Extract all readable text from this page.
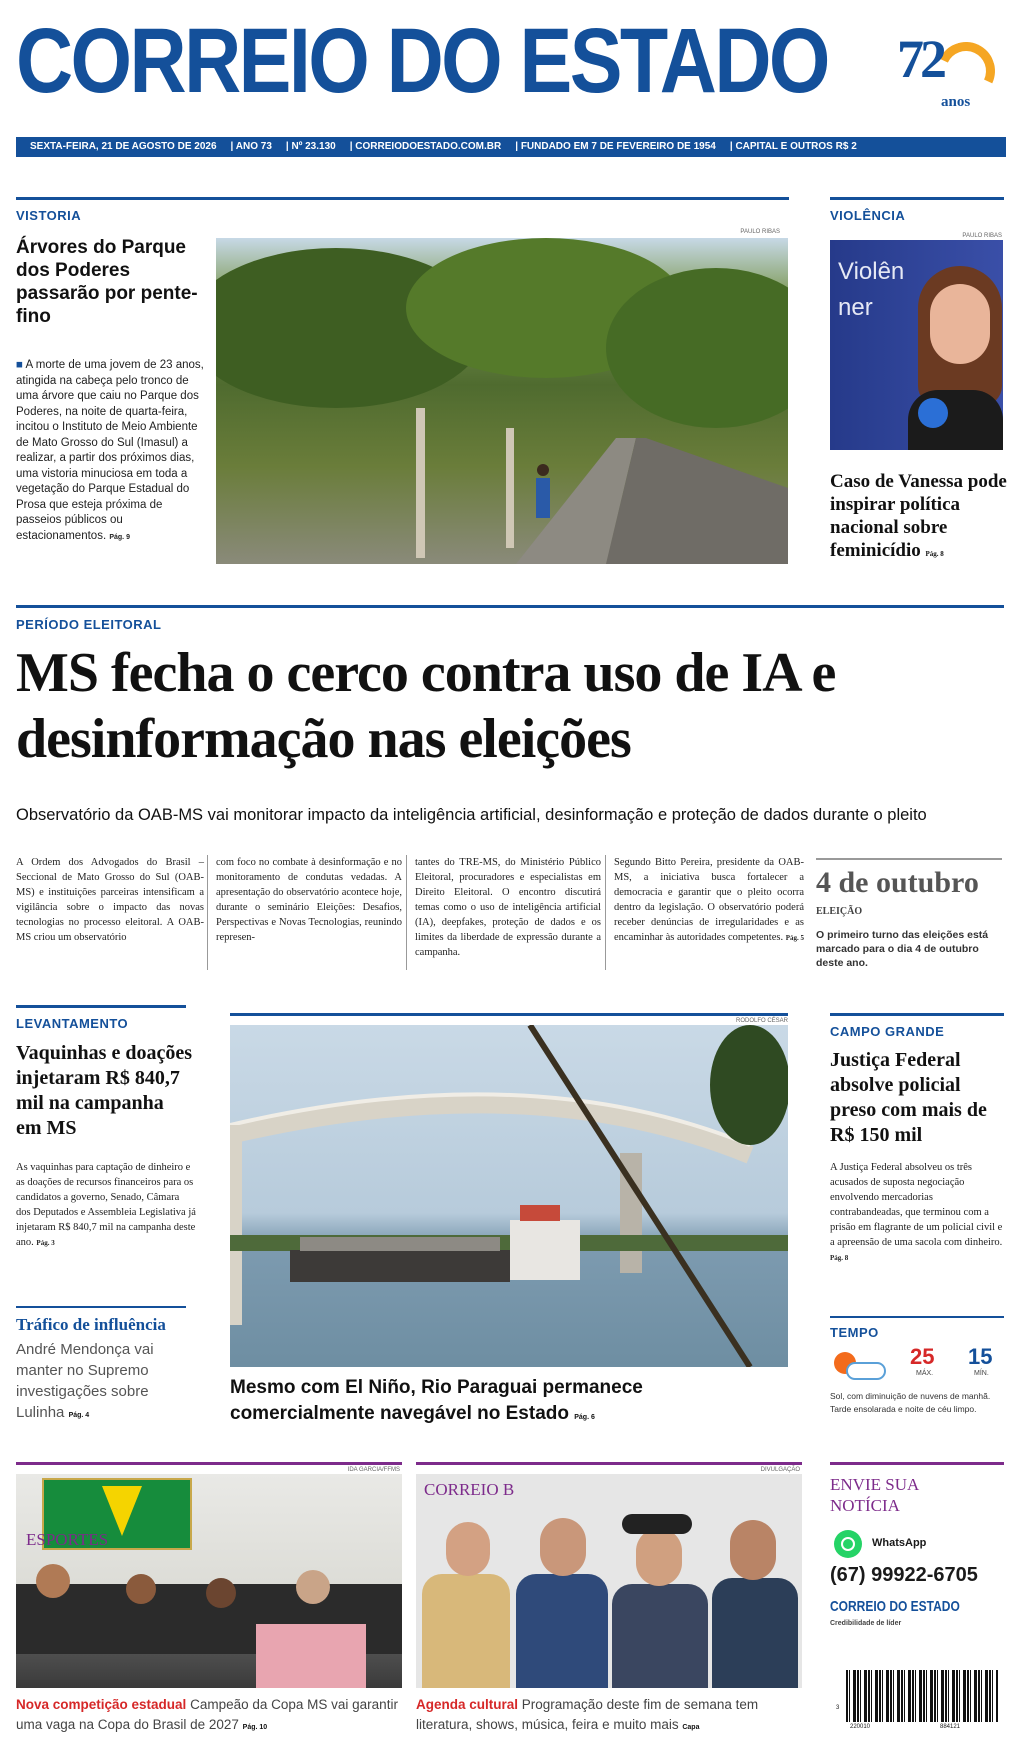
CORREIO DO ESTADO 72
anos
SEXTA-FEIRA, 21 DE AGOSTO DE 2026 | ANO 73 | Nº 23.130 | CORREIODOESTADO.COM.BR | FUNDADO EM 7 DE FEVEREIRO DE 1954 | CAPITAL E OUTROS R$ 2
VISTORIA
Árvores do Parque dos Poderes passarão por pente-fino

■ A morte de uma jovem de 23 anos, atingida na cabeça pelo tronco de uma árvore que caiu no Parque dos Poderes, na noite de quarta-feira, incitou o Instituto de Meio Ambiente de Mato Grosso do Sul (Imasul) a realizar, a partir dos próximos dias, uma vistoria minuciosa em toda a vegetação do Parque Estadual do Prosa que esteja próxima de passeios públicos ou estacionamentos. Pág. 9

PAULO RIBAS
VIOLÊNCIA
PAULO RIBAS
Violên ner
Caso de Vanessa pode inspirar política nacional sobre feminicídio Pág. 8
PERÍODO ELEITORAL
MS fecha o cerco contra uso de IA e desinformação nas eleições

Observatório da OAB-MS vai monitorar impacto da inteligência artificial, desinformação e proteção de dados durante o pleito

A Ordem dos Advogados do Brasil – Seccional de Mato Grosso do Sul (OAB-MS) e instituições parceiras intensificam a vigilância sobre o impacto das novas tecnologias no processo eleitoral. A OAB-MS criou um observatório

com foco no combate à desinformação e no monitoramento de condutas vedadas. A apresentação do observatório acontece hoje, durante o seminário Eleições: Desafios, Perspectivas e Novas Tecnologias, reunindo represen-

tantes do TRE-MS, do Ministério Público Eleitoral, procuradores e especialistas em Direito Eleitoral. O encontro discutirá temas como o uso de inteligência artificial (IA), deepfakes, proteção de dados e os limites da liberdade de expressão durante a campanha.

Segundo Bitto Pereira, presidente da OAB-MS, a iniciativa busca fortalecer a democracia e garantir que o pleito ocorra dentro da legislação. O observatório poderá receber denúncias de irregularidades e as encaminhar às autoridades competentes. Pág. 5

4 de outubro
ELEIÇÃO

O primeiro turno das eleições está marcado para o dia 4 de outubro deste ano.

LEVANTAMENTO
Vaquinhas e doações injetaram R$ 840,7 mil na campanha em MS

As vaquinhas para captação de dinheiro e as doações de recursos financeiros para os candidatos a governo, Senado, Câmara dos Deputados e Assembleia Legislativa já injetaram R$ 840,7 mil na campanha deste ano. Pág. 3

Tráfico de influência

André Mendonça vai manter no Supremo investigações sobre Lulinha Pág. 4

RODOLFO CÉSAR

Mesmo com El Niño, Rio Paraguai permanece comercialmente navegável no Estado Pág. 6

CAMPO GRANDE
Justiça Federal absolve policial preso com mais de R$ 150 mil

A Justiça Federal absolveu os três acusados de suposta negociação envolvendo mercadorias contrabandeadas, que terminou com a prisão em flagrante de um policial civil e a apreensão de uma sacola com dinheiro. Pág. 8

TEMPO
25
MÁX.
15
MÍN.

Sol, com diminuição de nuvens de manhã. Tarde ensolarada e noite de céu limpo.

IDA GARCIA/FFMS
ESPORTES

Nova competição estadual Campeão da Copa MS vai garantir uma vaga na Copa do Brasil de 2027 Pág. 10

DIVULGAÇÃO
CORREIO B

Agenda cultural Programação deste fim de semana tem literatura, shows, música, feira e muito mais Capa

ENVIE SUA NOTÍCIA
WhatsApp
(67) 99922-6705
CORREIO DO ESTADO
Credibilidade de líder
3
220010	884121
